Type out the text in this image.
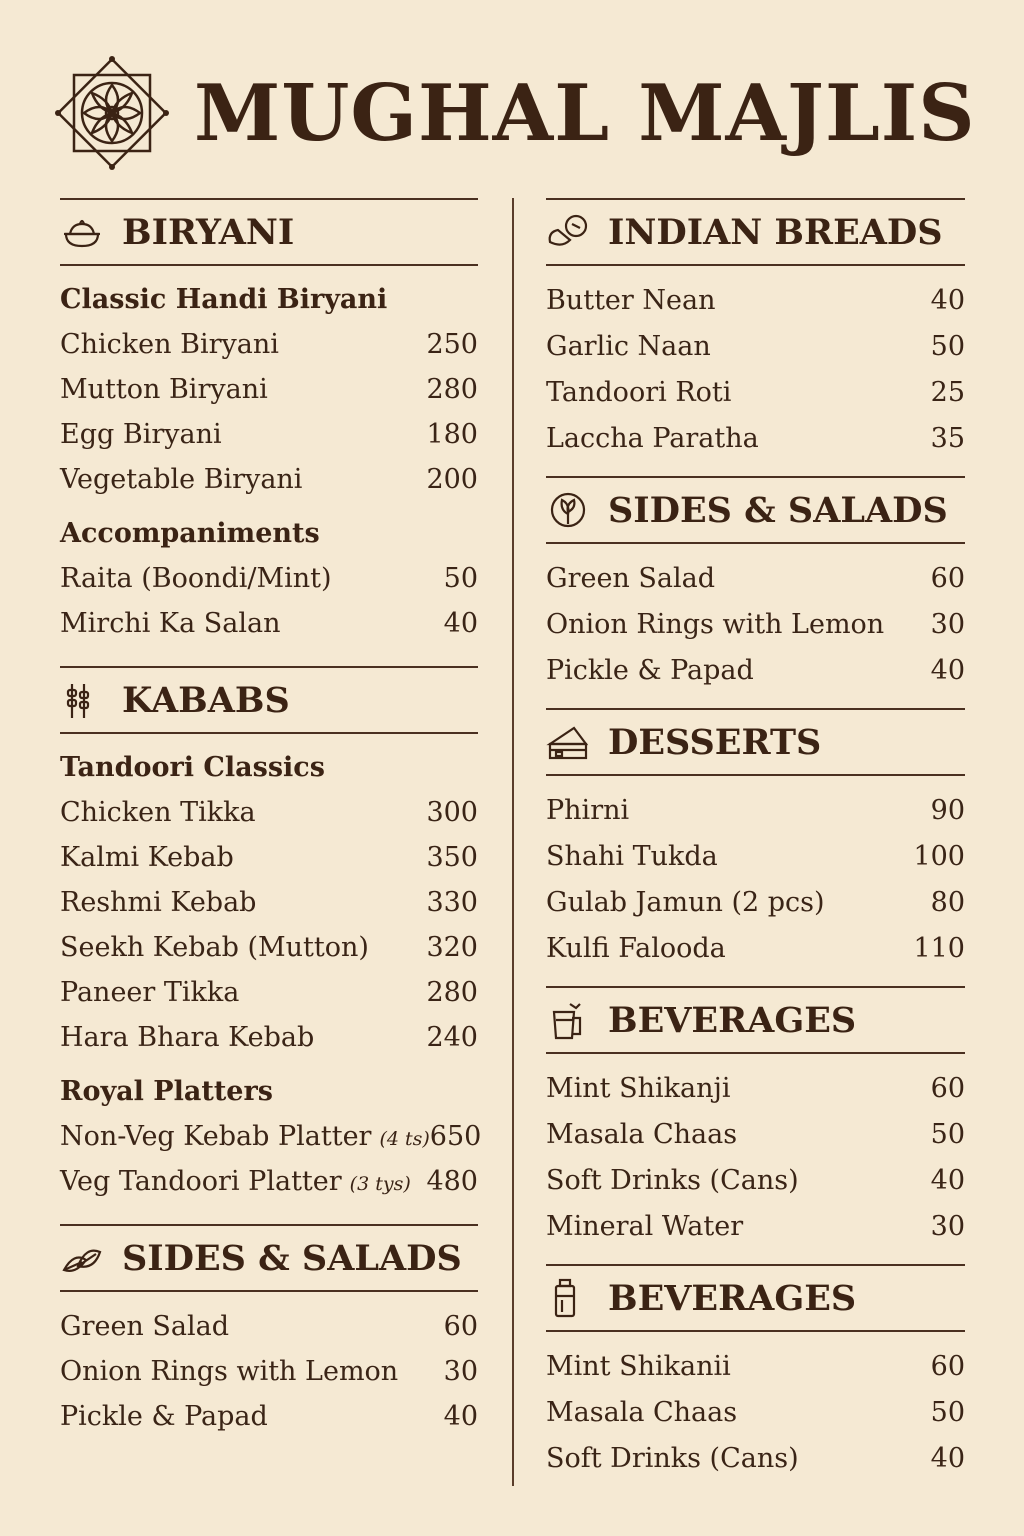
MUGHAL MAJLIS
BIRYANI
Classic Handi Biryani
Chicken Biryani	250
Mutton Biryani	280
Egg Biryani	180
Vegetable Biryani	200
Accompaniments
Raita (Boondi/Mint)	50
Mirchi Ka Salan	40
KABABS
Tandoori Classics
Chicken Tikka	300
Kalmi Kebab	350
Reshmi Kebab	330
Seekh Kebab (Mutton) 320
Paneer Tikka	280
Hara Bhara Kebab	240
Royal Platters
Non-Veg Kebab Platter (4 ts) 650
Veg Tandoori Platter (3 tys) 480
SIDES & SALADS
Green Salad	60
Onion Rings with Lemon 30
Pickle & Papad	40
INDIAN BREADS
Butter Nean	40
Garlic Naan	50
Tandoori Roti	25
Laccha Paratha	35
SIDES & SALADS
Green Salad	60
Onion Rings with Lemon 30
Pickle & Papad	40
DESSERTS
Phirni	90
Shahi Tukda	100
Gulab Jamun (2 pcs)	80
Kulfi Falooda	110
BEVERAGES
Mint Shikanji	60
Masala Chaas	50
Soft Drinks (Cans)	40
Mineral Water	30
BEVERAGES
Mint Shikanii	60
Masala Chaas	50
Soft Drinks (Cans)	40
